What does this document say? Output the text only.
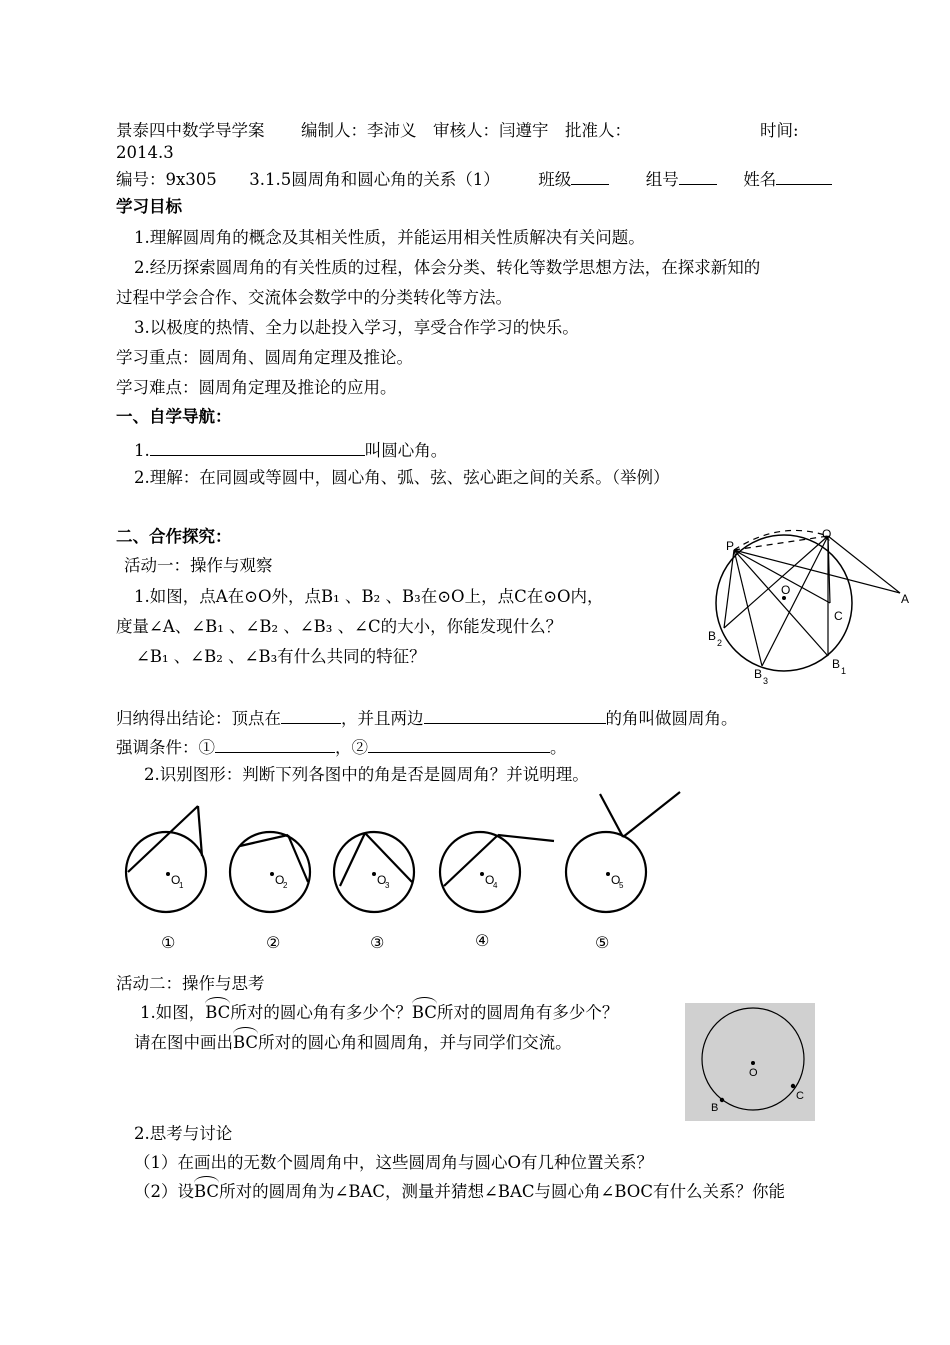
景泰四中数学导学案 编制人：李沛义 审核人：闫遵宇 批准人：	时间:
2014.3
编号：9x305 3.1.5圆周角和圆心角的关系（1） 班级	组号	姓名
学习目标
1.理解圆周角的概念及其相关性质，并能运用相关性质解决有关问题。
2.经历探索圆周角的有关性质的过程，体会分类、转化等数学思想方法，在探求新知的
过程中学会合作、交流体会数学中的分类转化等方法。
3.以极度的热情、全力以赴投入学习，享受合作学习的快乐。
学习重点：圆周角、圆周角定理及推论。
学习难点：圆周角定理及推论的应用。
一、自学导航：
1.	叫圆心角。
2.理解：在同圆或等圆中，圆心角、弧、弦、弦心距之间的关系。（举例）
二、合作探究：
活动一：操作与观察
1.如图，点A在⊙O外，点B₁ 、B₂ 、B₃在⊙O上，点C在⊙O内，
度量∠A、∠B₁ 、∠B₂ 、∠B₃ 、∠C的大小，你能发现什么？
∠B₁ 、∠B₂ 、∠B₃有什么共同的特征？
P
Q
A
O
C
B 2
B 3
B 1
归纳得出结论：顶点在	，并且两边	的角叫做圆周角。
强调条件：①	，②	。
2.识别图形：判断下列各图中的角是否是圆周角？并说明理。
O
1	O
2	O
3	O
4	O
5
①	②	③	④	⑤
活动二：操作与思考
1.如图，BC所对的圆心角有多少个？BC所对的圆周角有多少个？
请在图中画出BC所对的圆心角和圆周角，并与同学们交流。
O
B
C
2.思考与讨论
（1）在画出的无数个圆周角中，这些圆周角与圆心O有几种位置关系？
（2）设BC所对的圆周角为∠BAC，测量并猜想∠BAC与圆心角∠BOC有什么关系？你能
